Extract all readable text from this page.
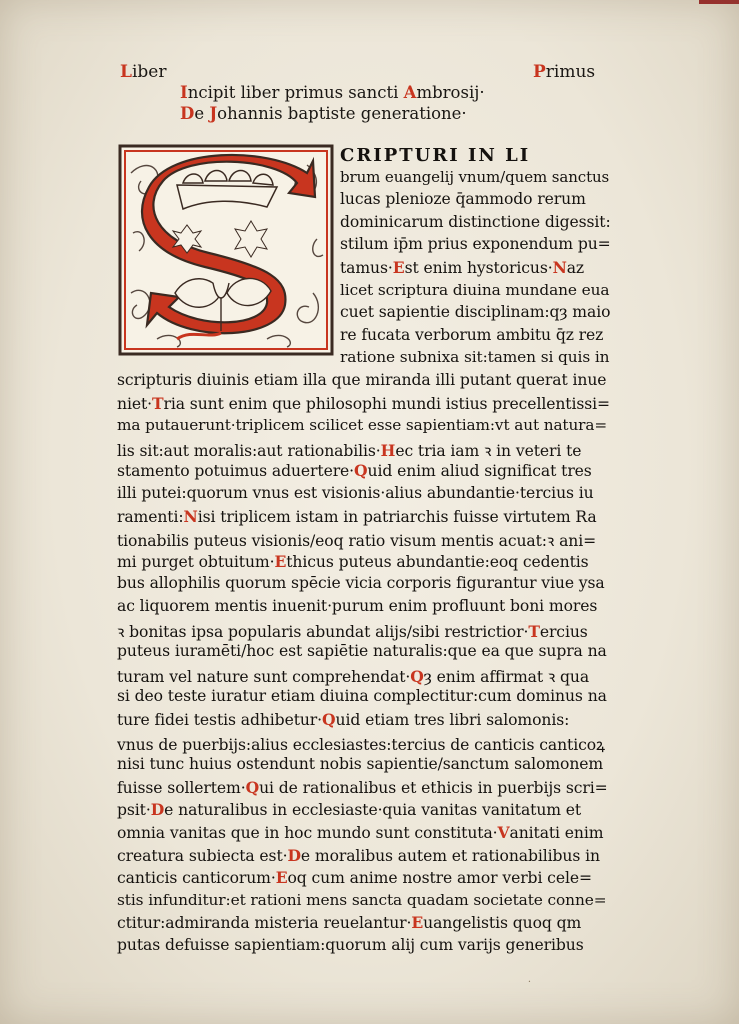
Liber	Primus
Incipit liber primus sancti Ambrosij·
De Johannis baptiste generatione·
CRIPTURI IN LI
brum euangelij vnum/quem sanctus
lucas plenioze q̄ammodo rerum
dominicarum distinctione digessit:
stilum ip̄m prius exponendum pu=
tamus·Est enim hystoricus·Naz
licet scriptura diuina mundane eua
cuet sapientie disciplinam:qȝ maio
re fucata verborum ambitu q̄z rez
ratione subnixa sit:tamen si quis in
scripturis diuinis etiam illa que miranda illi putant querat inue
niet·Tria sunt enim que philosophi mundi istius precellentissi=
ma putauerunt·triplicem scilicet esse sapientiam:vt aut natura=
lis sit:aut moralis:aut rationabilis·Hec tria iam ꝛ in veteri te
stamento potuimus aduertere·Quid enim aliud significat tres
illi putei:quorum vnus est visionis·alius abundantie·tercius iu
ramenti:Nisi triplicem istam in patriarchis fuisse virtutem Ra
tionabilis puteus visionis/eoq ratio visum mentis acuat:ꝛ ani=
mi purget obtuitum·Ethicus puteus abundantie:eoq cedentis
bus allophilis quorum spēcie vicia corporis figurantur viue ysa
ac liquorem mentis inuenit·purum enim profluunt boni mores
ꝛ bonitas ipsa popularis abundat alijs/sibi restrictior·Tercius
puteus iuramēti/hoc est sapiētie naturalis:que ea que supra na
turam vel nature sunt comprehendat·Qȝ enim affirmat ꝛ qua
si deo teste iuratur etiam diuina complectitur:cum dominus na
ture fidei testis adhibetur·Quid etiam tres libri salomonis:
vnus de puerbijs:alius ecclesiastes:tercius de canticis canticoꝝ
nisi tunc huius ostendunt nobis sapientie/sanctum salomonem
fuisse sollertem·Qui de rationalibus et ethicis in puerbijs scri=
psit·De naturalibus in ecclesiaste·quia vanitas vanitatum et
omnia vanitas que in hoc mundo sunt constituta·Vanitati enim
creatura subiecta est·De moralibus autem et rationabilibus in
canticis canticorum·Eoq cum anime nostre amor verbi cele=
stis infunditur:et rationi mens sancta quadam societate conne=
ctitur:admiranda misteria reuelantur·Euangelistis quoq qm
putas defuisse sapientiam:quorum alij cum varijs generibus
·
